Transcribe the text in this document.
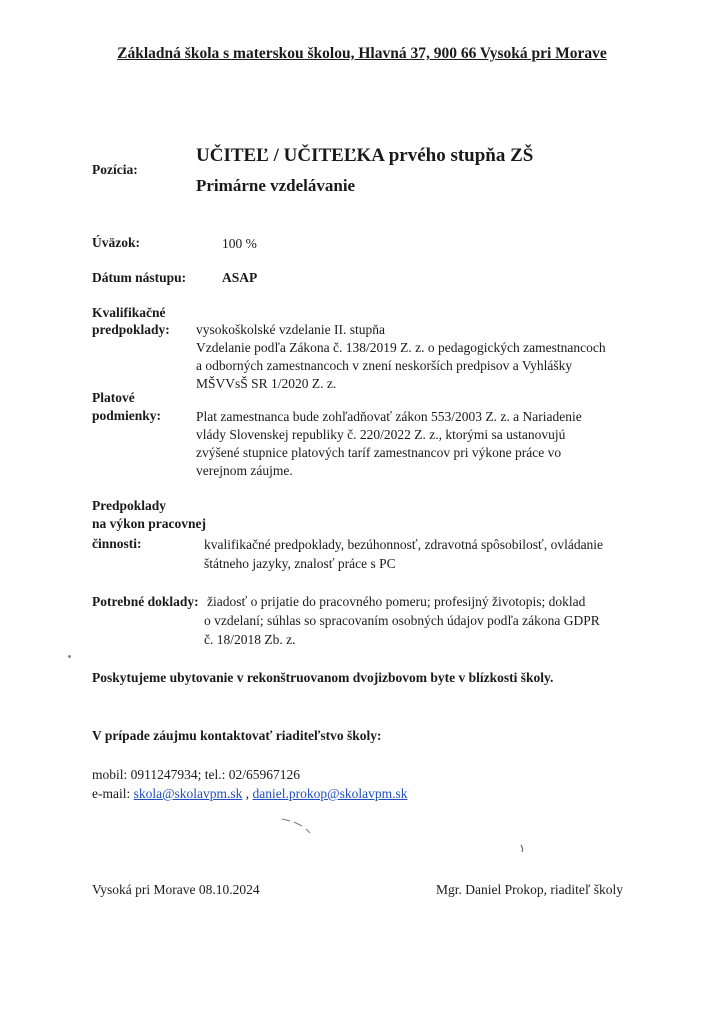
Základná škola s materskou školou, Hlavná 37, 900 66 Vysoká pri Morave
Pozícia:
UČITEĽ / UČITEĽKA prvého stupňa ZŠ
Primárne vzdelávanie
Úväzok:	100 %
Dátum nástupu:	ASAP
Kvalifikačné
predpoklady: vysokoškolské vzdelanie II. stupňa
Vzdelanie podľa Zákona č. 138/2019 Z. z. o pedagogických zamestnancoch
a odborných zamestnancoch v znení neskorších predpisov a Vyhlášky
MŠVVsŠ SR 1/2020 Z. z.
Platové
podmienky:	Plat zamestnanca bude zohľadňovať zákon 553/2003 Z. z. a Nariadenie
vlády Slovenskej republiky č. 220/2022 Z. z., ktorými sa ustanovujú
zvýšené stupnice platových taríf zamestnancov pri výkone práce vo
verejnom záujme.
Predpoklady
na výkon pracovnej
činnosti:	kvalifikačné predpoklady, bezúhonnosť, zdravotná spôsobilosť, ovládanie
štátneho jazyky, znalosť práce s PC
Potrebné doklady: žiadosť o prijatie do pracovného pomeru; profesijný životopis; doklad
o vzdelaní; súhlas so spracovaním osobných údajov podľa zákona GDPR
č. 18/2018 Zb. z.
Poskytujeme ubytovanie v rekonštruovanom dvojizbovom byte v blízkosti školy.
V prípade záujmu kontaktovať riaditeľstvo školy:
mobil: 0911247934; tel.: 02/65967126
e-mail: skola@skolavpm.sk , daniel.prokop@skolavpm.sk
Vysoká pri Morave 08.10.2024	Mgr. Daniel Prokop, riaditeľ školy
